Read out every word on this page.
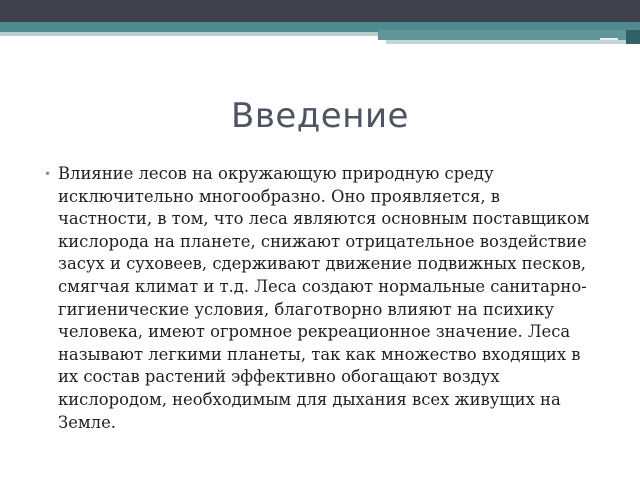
Введение
• Влияние лесов на окружающую природную среду исключительно многообразно. Оно проявляется, в частности, в том, что леса являются основным поставщиком кислорода на планете, снижают отрицательное воздействие засух и суховеев, сдерживают движение подвижных песков, смягчая климат и т.д. Леса создают нормальные санитарно-гигиенические условия, благотворно влияют на психику человека, имеют огромное рекреационное значение. Леса называют легкими планеты, так как множество входящих в их состав растений эффективно обогащают воздух кислородом, необходимым для дыхания всех живущих на Земле.
